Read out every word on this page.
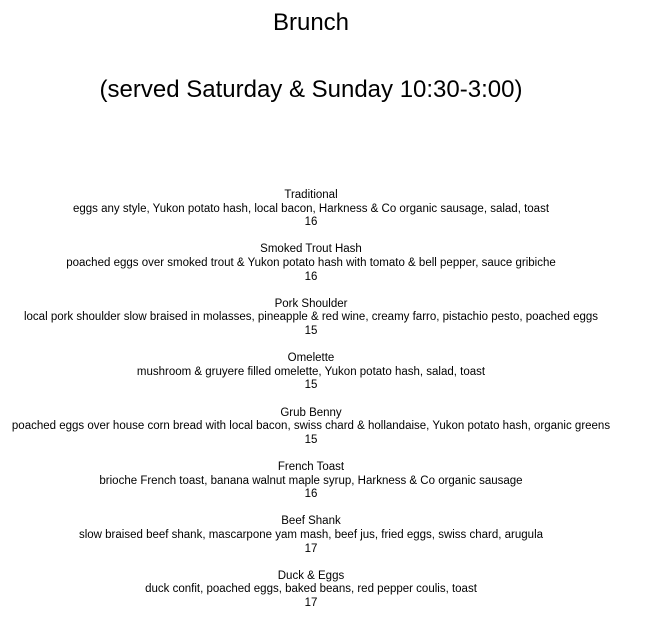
Brunch
(served Saturday & Sunday 10:30-3:00)
Traditional
eggs any style, Yukon potato hash, local bacon, Harkness & Co organic sausage, salad, toast
16
Smoked Trout Hash
poached eggs over smoked trout & Yukon potato hash with tomato & bell pepper, sauce gribiche
16
Pork Shoulder
local pork shoulder slow braised in molasses, pineapple & red wine, creamy farro, pistachio pesto, poached eggs
15
Omelette
mushroom & gruyere filled omelette, Yukon potato hash, salad, toast
15
Grub Benny
poached eggs over house corn bread with local bacon, swiss chard & hollandaise, Yukon potato hash, organic greens
15
French Toast
brioche French toast, banana walnut maple syrup, Harkness & Co organic sausage
16
Beef Shank
slow braised beef shank, mascarpone yam mash, beef jus, fried eggs, swiss chard, arugula
17
Duck & Eggs
duck confit, poached eggs, baked beans, red pepper coulis, toast
17
